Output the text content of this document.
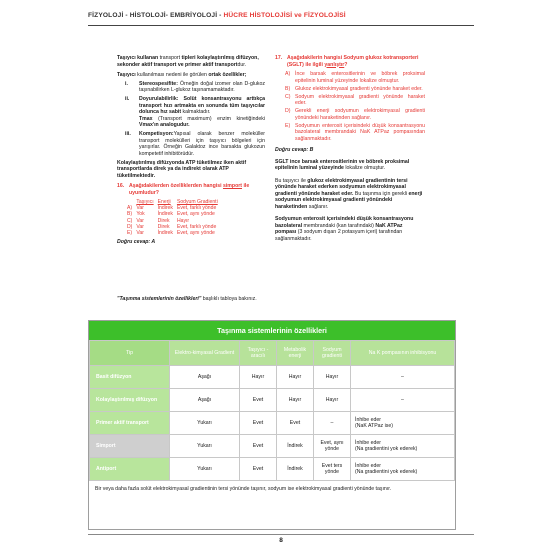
FİZYOLOJİ - HİSTOLOJİ- EMBRİYOLOJİ - HÜCRE HİSTOLOJİSİ ve FİZYOLOJİSİ
Taşıyıcı kullanan transport tipleri kolaylaştırılmış difüzyon, sekonder aktif transport ve primer aktif transportdur.
Taşıyıcı kullanılması nedeni ile görülen ortak özellikler;
i.	Stereospesifite: Örneğin doğal izomer olan D-glukoz taşınabilirken L-glukoz taşınamamaktadır.
ii.	Doyurulabilirlik: Solüt konsantrasyonu arttıkça transport hızı artmakta en sonunda tüm taşıyıcılar dolunca hız sabit kalmaktadır.
Tmax (Transport maximum) enzim kinetiğindeki Vmax'ın analogudur.
iii.	Kompetisyon:Yapısal olarak benzer moleküller transport molekülleri için taşıyıcı bölgeleri için yarışırlar. Örneğin Galaktoz ince barsakta glukozun kompetetif inhibitörüdür.
Kolaylaştırılmış difüzyonda ATP tüketilmez iken aktif transportlarda direk ya da indirekt olarak ATP tüketilmektedir.
16. Aşağıdakilerden özelliklerden hangisi simport ile uyumludur?
	Taşıyıcı	Enerji	Sodyum Gradienti
A)	Var	İndirek	Evet, farklı yönde
B)	Yok	İndirek	Evet, aynı yönde
C)	Var	Direk	Hayır
D)	Var	Direk	Evet, farklı yönde
E)	Var	İndirek	Evet, aynı yönde
Doğru cevap: A
17. Aşağıdakilerin hangisi Sodyum glukoz kotransporteri (SGLT) ile ilgili yanlıştır?
A) İnce barsak enterositlerinin ve böbrek proksimal epitelinin luminal yüzeyinde lokalize olmuştur.
B) Glukoz elektrokimyasal gradienti yönünde haraket eder.
C) Sodyum elektrokimyasal gradienti yönünde haraket eder.
D) Gerekli enerji sodyumun elektrokimyasal gradienti yönündeki haraketinden sağlanır.
E) Sodyumun enterosit içerisindeki düşük konsantrasyonu bazolateral membrandaki NaK ATPaz pompasından sağlanmaktadır.
Doğru cevap: B
SGLT ince barsak enterositlerinin ve böbrek proksimal epitelinin luminal yüzeyinde lokalize olmuştur.
Bu taşıyıcı ile glukoz elektrokimyasal gradientinin tersi yönünde haraket ederken sodyumun elektrokimyasal gradienti yönünde haraket eder. Bu taşınma için gerekli enerji sodyumun elektrokimyasal gradienti yönündeki haraketinden sağlanır.
Sodyumun enterosit içerisindeki düşük konsantrasyonu bazolateral membrandaki (kan tarafındaki) NaK ATPaz pompası (3 sodyum dışarı 2 potasyum içeri) tarafından sağlanmaktadır.
"Taşınma sistemlerinin özellikleri" başlıklı tabloya bakınız.
Taşınma sistemlerinin özellikleri
Tip	Elektro-kimyasal Gradient	Taşıyıcı - aracılı	Metabolik enerji	Sodyum gradienti	Na K pompasının inhibisyonu
Basit difüzyon	Aşağı	Hayır	Hayır	Hayır	–
Kolaylaştırılmış difüzyon	Aşağı	Evet	Hayır	Hayır	–
Primer aktif transport	Yukarı	Evet	Evet	–	İnhibe eder
(NaK ATPaz ise)
Simport	Yukarı	Evet	İndirek	Evet, aynı yönde	İnhibe eder
(Na gradientini yok ederek)
Antiport	Yukarı	Evet	İndirek	Evet ters yönde	İnhibe eder
(Na gradientini yok ederek)
Bir veya daha fazla solüt elektrokimyasal gradientinin tersi yönünde taşınır, sodyum ise elektrokimyasal gradienti yönünde taşınır.
8
